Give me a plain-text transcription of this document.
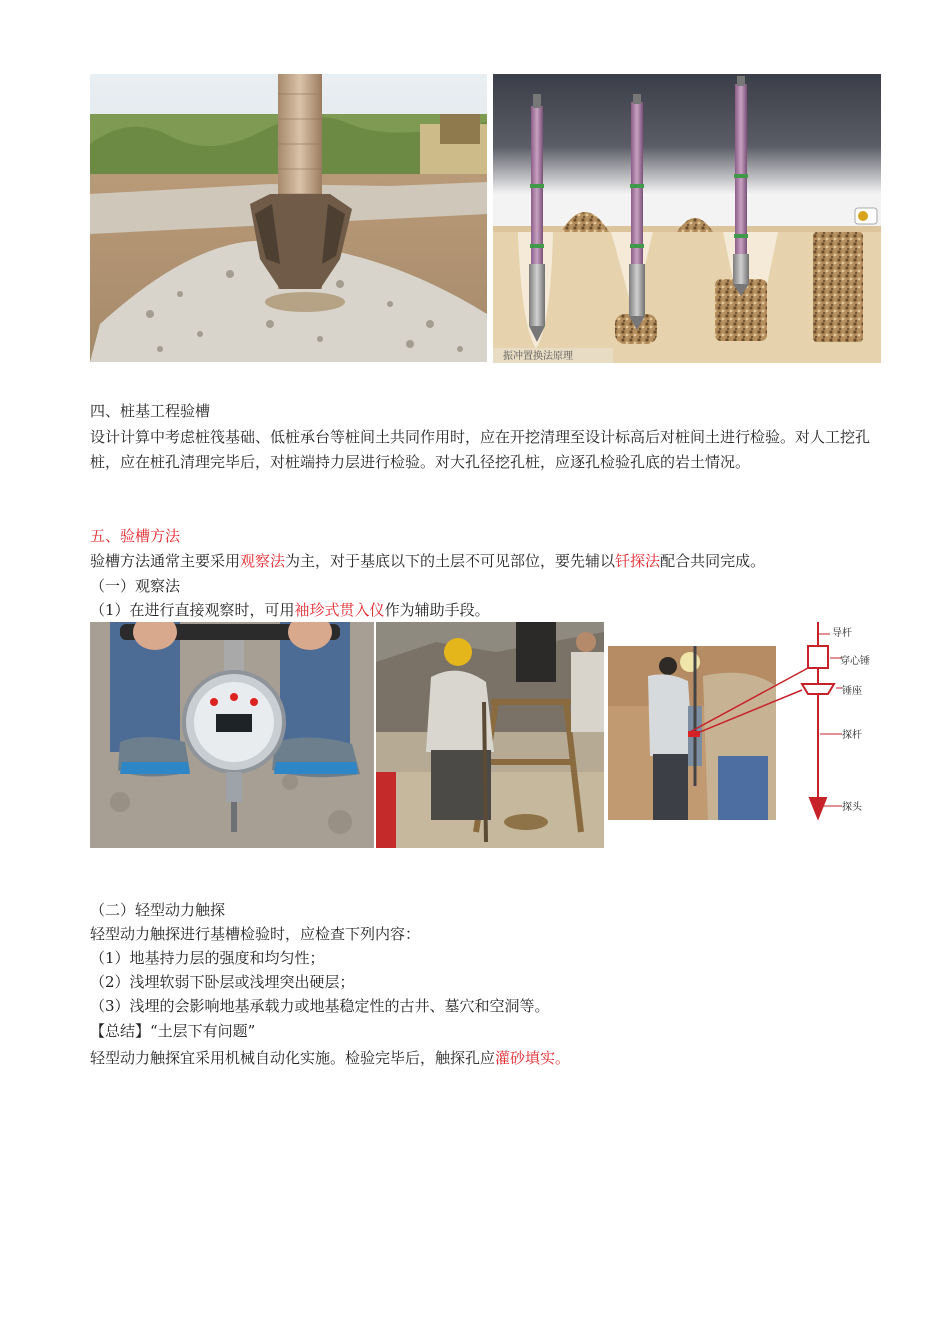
振冲置换法原理
四、桩基工程验槽
设计计算中考虑桩筏基础、低桩承台等桩间土共同作用时，应在开挖清理至设计标高后对桩间土进行检验。对人工挖孔桩，应在桩孔清理完毕后，对桩端持力层进行检验。对大孔径挖孔桩，应逐孔检验孔底的岩土情况。
五、验槽方法
验槽方法通常主要采用观察法为主，对于基底以下的土层不可见部位，要先辅以钎探法配合共同完成。
（一）观察法
（1）在进行直接观察时，可用袖珍式贯入仪作为辅助手段。
导杆
穿心锤
锤座
探杆
探头
（二）轻型动力触探
轻型动力触探进行基槽检验时，应检查下列内容：
（1）地基持力层的强度和均匀性；
（2）浅埋软弱下卧层或浅埋突出硬层；
（3）浅埋的会影响地基承载力或地基稳定性的古井、墓穴和空洞等。
【总结】“土层下有问题”
轻型动力触探宜采用机械自动化实施。检验完毕后，触探孔应灌砂填实。
